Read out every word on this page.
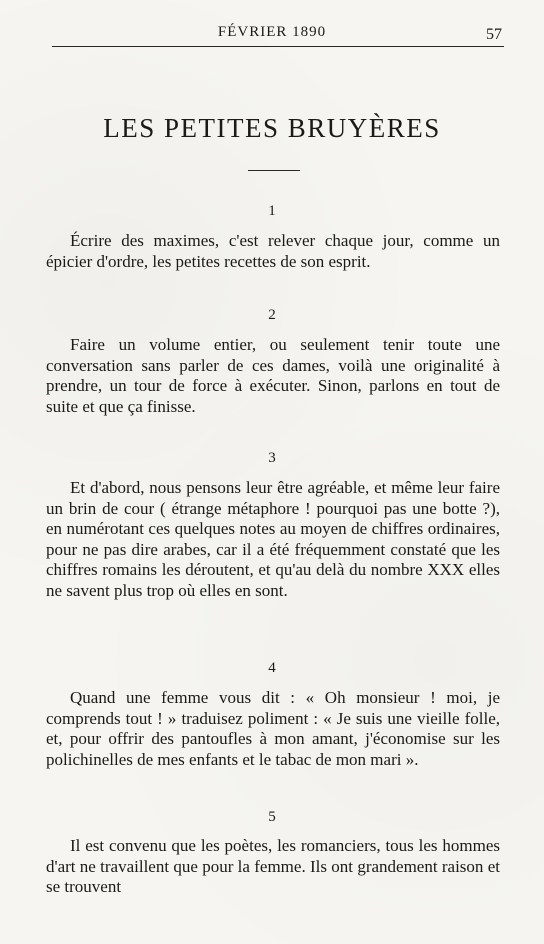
FÉVRIER 1890	57
LES PETITES BRUYÈRES
1

Écrire des maximes, c'est relever chaque jour, comme un épicier d'ordre, les petites recettes de son esprit.

2

Faire un volume entier, ou seulement tenir toute une conversation sans parler de ces dames, voilà une originalité à prendre, un tour de force à exécuter. Sinon, parlons en tout de suite et que ça finisse.

3

Et d'abord, nous pensons leur être agréable, et même leur faire un brin de cour ( étrange métaphore ! pourquoi pas une botte ?), en numérotant ces quelques notes au moyen de chiffres ordinaires, pour ne pas dire arabes, car il a été fréquemment constaté que les chiffres romains les déroutent, et qu'au delà du nombre XXX elles ne savent plus trop où elles en sont.

4

Quand une femme vous dit : « Oh monsieur ! moi, je comprends tout ! » traduisez poliment : « Je suis une vieille folle, et, pour offrir des pantoufles à mon amant, j'économise sur les polichinelles de mes enfants et le tabac de mon mari ».

5

Il est convenu que les poètes, les romanciers, tous les hommes d'art ne travaillent que pour la femme. Ils ont grandement raison et se trouvent
